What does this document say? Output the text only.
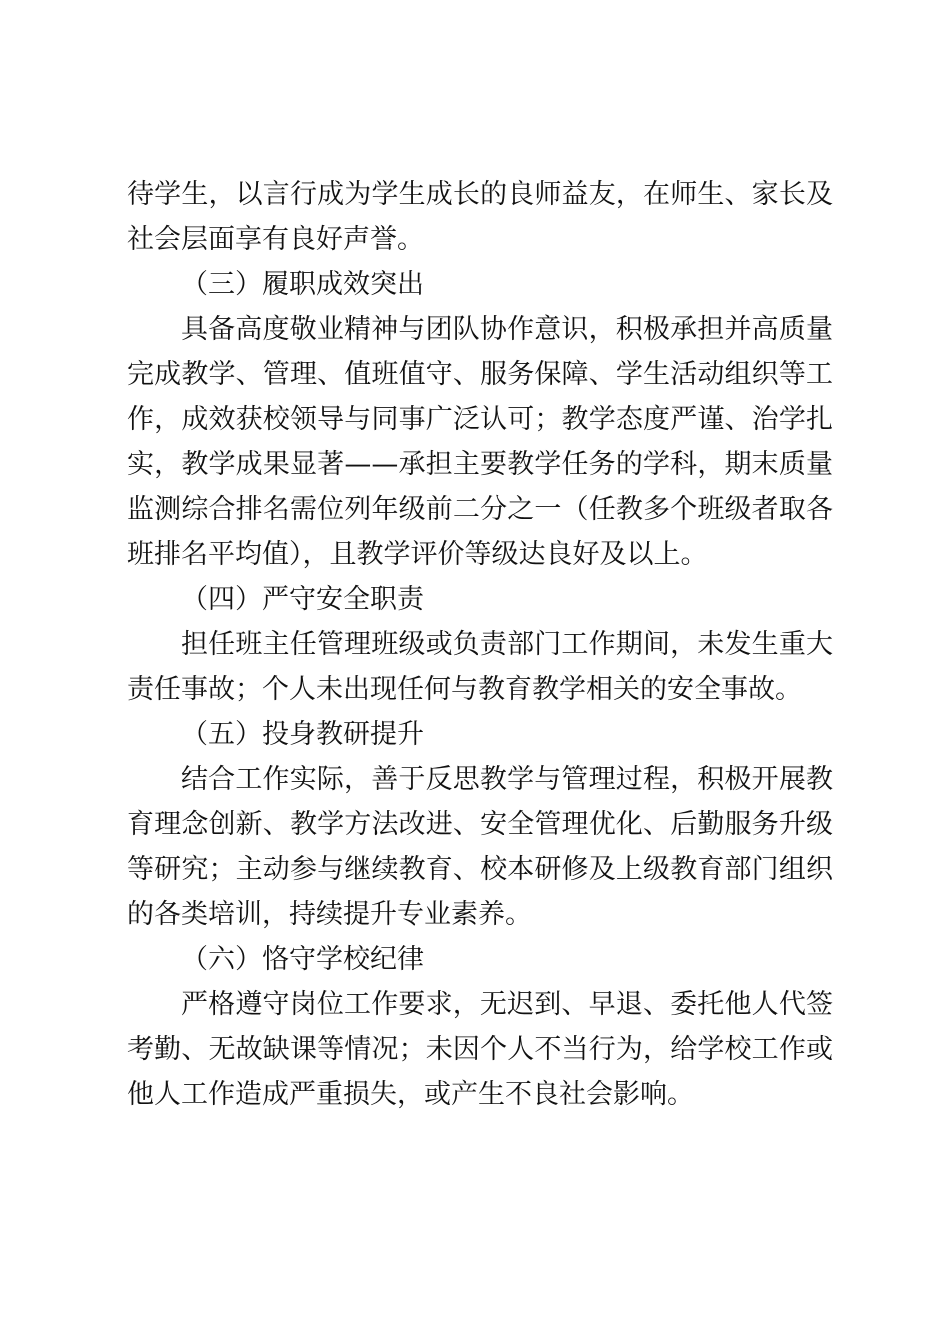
待学生，以言行成为学生成长的良师益友，在师生、家长及社会层面享有良好声誉。

（三）履职成效突出

具备高度敬业精神与团队协作意识，积极承担并高质量完成教学、管理、值班值守、服务保障、学生活动组织等工作，成效获校领导与同事广泛认可；教学态度严谨、治学扎实，教学成果显著——承担主要教学任务的学科，期末质量监测综合排名需位列年级前二分之一（任教多个班级者取各班排名平均值），且教学评价等级达良好及以上。

（四）严守安全职责

担任班主任管理班级或负责部门工作期间，未发生重大责任事故；个人未出现任何与教育教学相关的安全事故。

（五）投身教研提升

结合工作实际，善于反思教学与管理过程，积极开展教育理念创新、教学方法改进、安全管理优化、后勤服务升级等研究；主动参与继续教育、校本研修及上级教育部门组织的各类培训，持续提升专业素养。

（六）恪守学校纪律

严格遵守岗位工作要求，无迟到、早退、委托他人代签考勤、无故缺课等情况；未因个人不当行为，给学校工作或他人工作造成严重损失，或产生不良社会影响。
